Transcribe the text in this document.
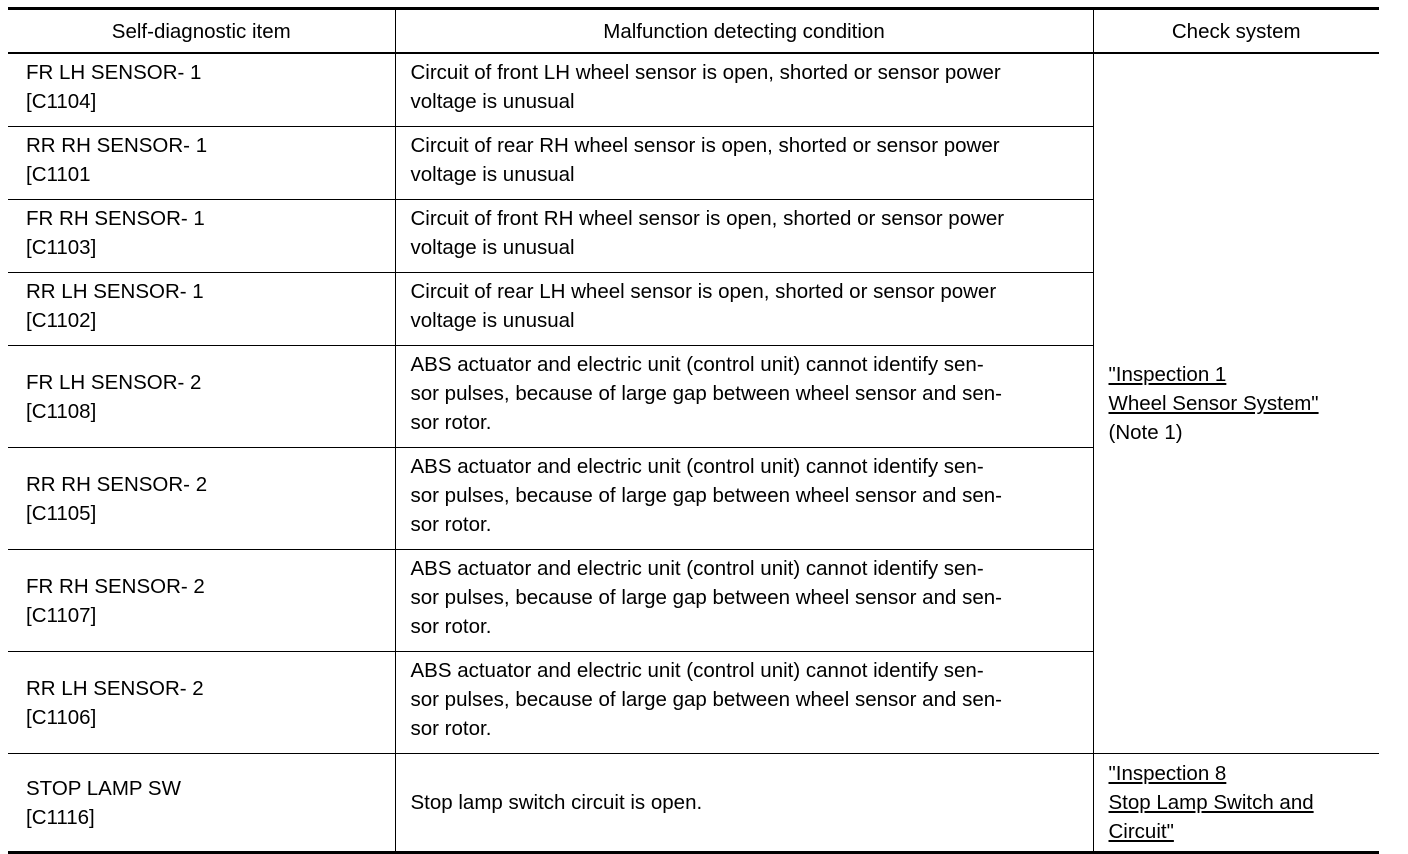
Self-diagnostic item	Malfunction detecting condition	Check system

FR LH SENSOR- 1
[C1104]	Circuit of front LH wheel sensor is open, shorted or sensor power
voltage is unusual	"Inspection 1
Wheel Sensor System"
(Note 1)

RR RH SENSOR- 1
[C1101	Circuit of rear RH wheel sensor is open, shorted or sensor power
voltage is unusual	

FR RH SENSOR- 1
[C1103]	Circuit of front RH wheel sensor is open, shorted or sensor power
voltage is unusual	

RR LH SENSOR- 1
[C1102]	Circuit of rear LH wheel sensor is open, shorted or sensor power
voltage is unusual	

FR LH SENSOR- 2
[C1108]	ABS actuator and electric unit (control unit) cannot identify sen-
sor pulses, because of large gap between wheel sensor and sen-
sor rotor.	

RR RH SENSOR- 2
[C1105]	ABS actuator and electric unit (control unit) cannot identify sen-
sor pulses, because of large gap between wheel sensor and sen-
sor rotor.	

FR RH SENSOR- 2
[C1107]	ABS actuator and electric unit (control unit) cannot identify sen-
sor pulses, because of large gap between wheel sensor and sen-
sor rotor.	

RR LH SENSOR- 2
[C1106]	ABS actuator and electric unit (control unit) cannot identify sen-
sor pulses, because of large gap between wheel sensor and sen-
sor rotor.	

STOP LAMP SW
[C1116]	Stop lamp switch circuit is open.	"Inspection 8
Stop Lamp Switch and
Circuit"
